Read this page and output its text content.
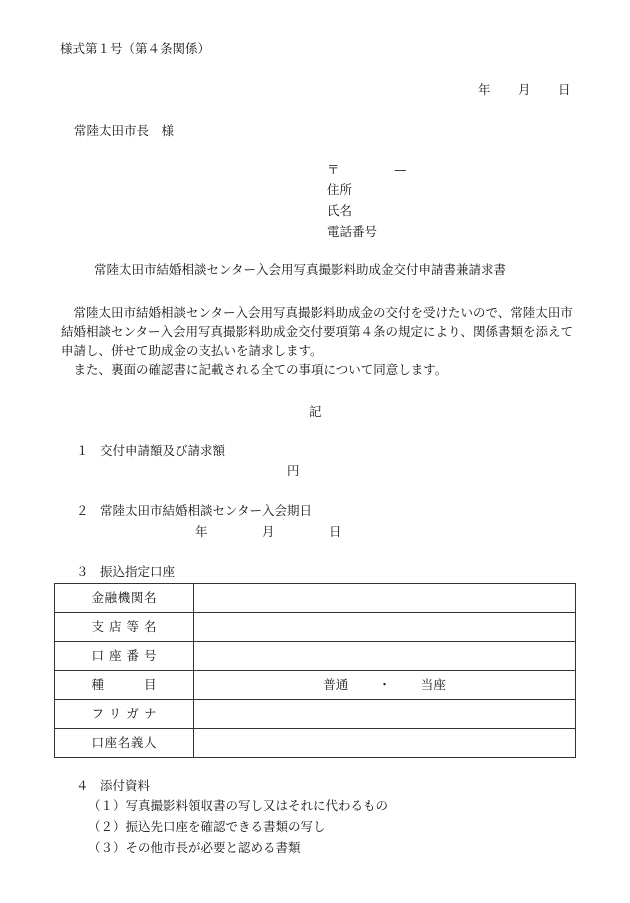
様式第１号（第４条関係）
年 月 日
常陸太田市長　様
〒	—
住所
氏名
電話番号
常陸太田市結婚相談センター入会用写真撮影料助成金交付申請書兼請求書

常陸太田市結婚相談センター入会用写真撮影料助成金の交付を受けたいので、常陸太田市結婚相談センター入会用写真撮影料助成金交付要項第４条の規定により、関係書類を添えて申請し、併せて助成金の支払いを請求します。

また、裏面の確認書に記載される全ての事項について同意します。

記
１ 交付申請額及び請求額
円
２ 常陸太田市結婚相談センター入会期日
年	月	日
３ 振込指定口座
金融機関名	
支店等名	
口座番号	
種目	普通 ・ 当座
フリガナ	
口座名義人	
４ 添付資料
（１）写真撮影料領収書の写し又はそれに代わるもの
（２）振込先口座を確認できる書類の写し
（３）その他市長が必要と認める書類
